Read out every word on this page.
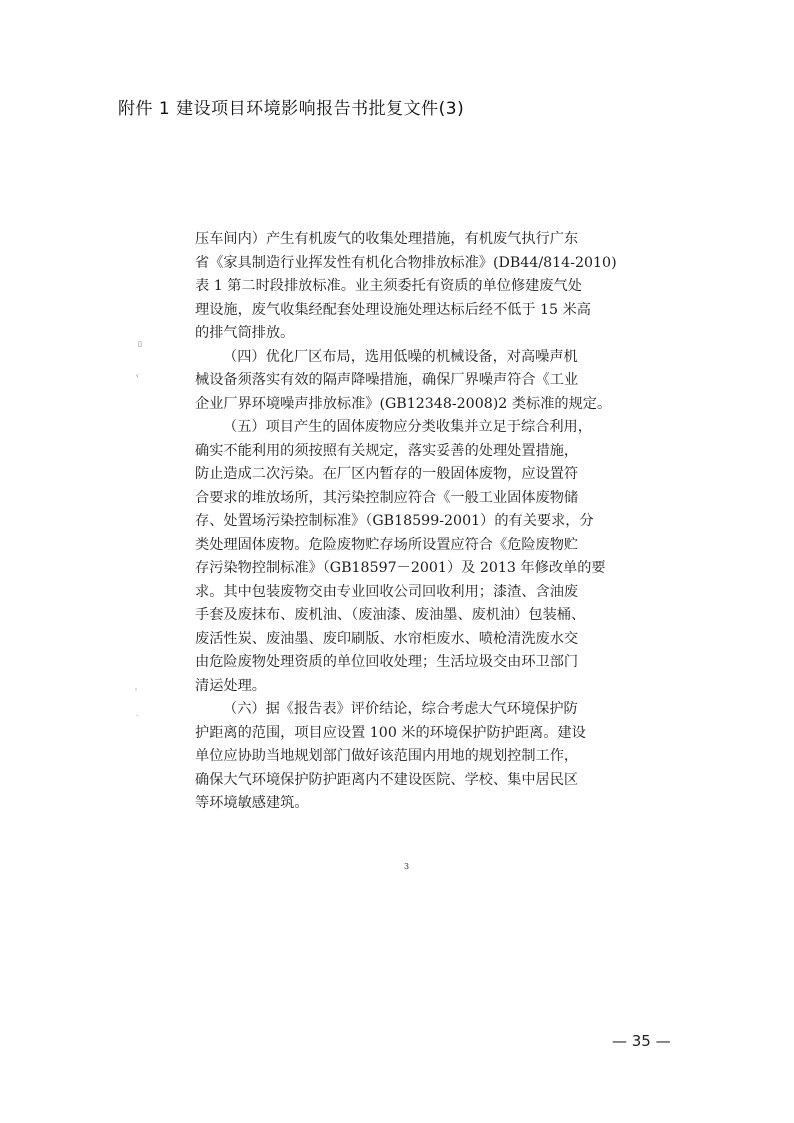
附件 1 建设项目环境影响报告书批复文件(3)
▯
ˁ
◦
·
压车间内）产生有机废气的收集处理措施，有机废气执行广东
省《家具制造行业挥发性有机化合物排放标准》(DB44/814-2010)
表 1 第二时段排放标准。业主须委托有资质的单位修建废气处
理设施，废气收集经配套处理设施处理达标后经不低于 15 米高
的排气筒排放。
（四）优化厂区布局，选用低噪的机械设备，对高噪声机
械设备须落实有效的隔声降噪措施，确保厂界噪声符合《工业
企业厂界环境噪声排放标准》(GB12348-2008)2 类标准的规定。
（五）项目产生的固体废物应分类收集并立足于综合利用，
确实不能利用的须按照有关规定，落实妥善的处理处置措施，
防止造成二次污染。在厂区内暂存的一般固体废物，应设置符
合要求的堆放场所，其污染控制应符合《一般工业固体废物储
存、处置场污染控制标准》（GB18599-2001）的有关要求，分
类处理固体废物。危险废物贮存场所设置应符合《危险废物贮
存污染物控制标准》（GB18597－2001）及 2013 年修改单的要
求。其中包装废物交由专业回收公司回收利用；漆渣、含油废
手套及废抹布、废机油、（废油漆、废油墨、废机油）包装桶、
废活性炭、废油墨、废印刷版、水帘柜废水、喷枪清洗废水交
由危险废物处理资质的单位回收处理；生活垃圾交由环卫部门
清运处理。
（六）据《报告表》评价结论，综合考虑大气环境保护防
护距离的范围，项目应设置 100 米的环境保护防护距离。建设
单位应协助当地规划部门做好该范围内用地的规划控制工作，
确保大气环境保护防护距离内不建设医院、学校、集中居民区
等环境敏感建筑。
3
— 35 —
